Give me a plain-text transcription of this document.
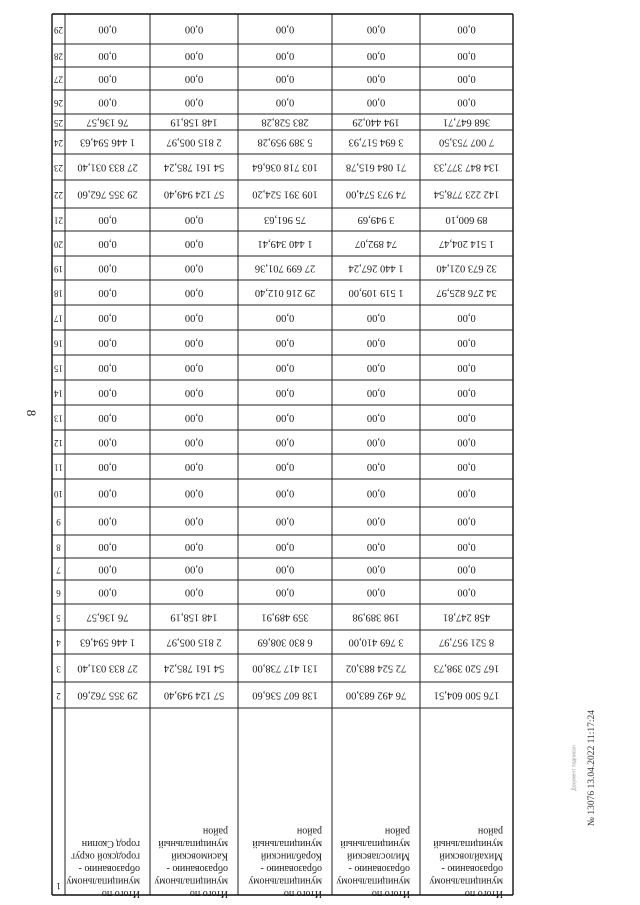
8
№ 13076 13.04.2022 11:17:24
Документ подписан
1
2
3
4
5
6
7
8
9
10
11
12
13
14
15
16
17
18
19
20
21
22
23
24
25
26
27
28
29
Итого помуниципальномуобразованию -городской округгород Скопин
29 355 762,60
27 833 031,40
1 446 594,63
76 136,57
0,00
0,00
0,00
0,00
0,00
0,00
0,00
0,00
0,00
0,00
0,00
0,00
0,00
0,00
0,00
0,00
29 355 762,60
27 833 031,40
1 446 594,63
76 136,57
0,00
0,00
0,00
0,00
Итого помуниципальномуобразованию -Касимовскиймуниципальныйрайон
57 124 949,40
54 161 785,24
2 815 005,97
148 158,19
0,00
0,00
0,00
0,00
0,00
0,00
0,00
0,00
0,00
0,00
0,00
0,00
0,00
0,00
0,00
0,00
57 124 949,40
54 161 785,24
2 815 005,97
148 158,19
0,00
0,00
0,00
0,00
Итого помуниципальномуобразованию -Кораблинскиймуниципальныйрайон
138 607 536,60
131 417 738,00
6 830 308,69
359 489,91
0,00
0,00
0,00
0,00
0,00
0,00
0,00
0,00
0,00
0,00
0,00
0,00
29 216 012,40
27 699 701,36
1 440 349,41
75 961,63
109 391 524,20
103 718 036,64
5 389 959,28
283 528,28
0,00
0,00
0,00
0,00
Итого помуниципальномуобразованию -Милославскиймуниципальныйрайон
76 492 683,00
72 524 883,02
3 769 410,00
198 389,98
0,00
0,00
0,00
0,00
0,00
0,00
0,00
0,00
0,00
0,00
0,00
0,00
1 519 109,00
1 440 267,24
74 892,07
3 949,69
74 973 574,00
71 084 615,78
3 694 517,93
194 440,29
0,00
0,00
0,00
0,00
Итого помуниципальномуобразованию -Михайловскиймуниципальныйрайон
176 500 604,51
167 520 398,73
8 521 957,97
458 247,81
0,00
0,00
0,00
0,00
0,00
0,00
0,00
0,00
0,00
0,00
0,00
0,00
34 276 825,97
32 673 021,40
1 514 204,47
89 600,10
142 223 778,54
134 847 377,33
7 007 753,50
368 647,71
0,00
0,00
0,00
0,00
